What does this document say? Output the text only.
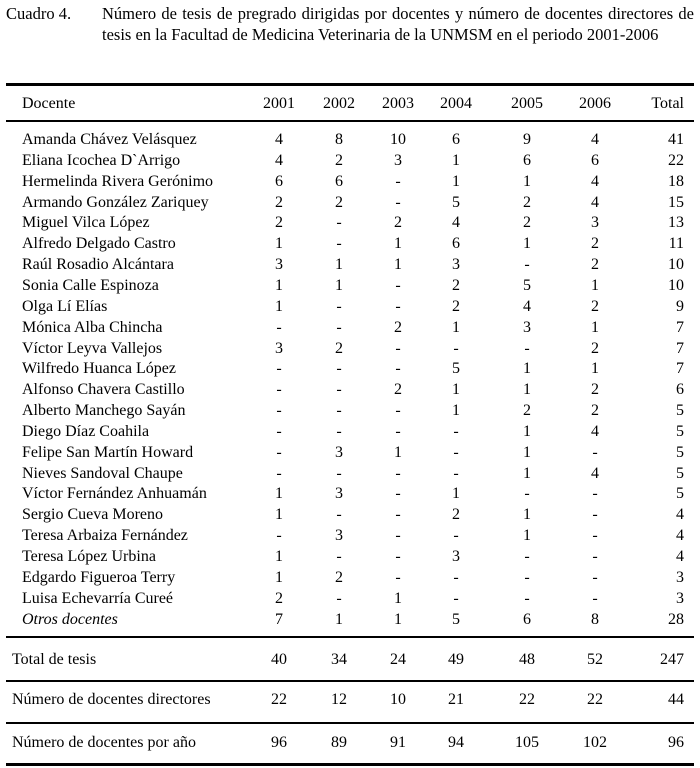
Cuadro 4. Número de tesis de pregrado dirigidas por docentes y número de docentes directores de tesis en la Facultad de Medicina Veterinaria de la UNMSM en el periodo 2001-2006
Docente	2001	2002	2003	2004	2005	2006	Total
Amanda Chávez Velásquez	4	8	10	6	9	4	41
Eliana Icochea D`Arrigo	4	2	3	1	6	6	22
Hermelinda Rivera Gerónimo	6	6	-	1	1	4	18
Armando González Zariquey	2	2	-	5	2	4	15
Miguel Vilca López	2	-	2	4	2	3	13
Alfredo Delgado Castro	1	-	1	6	1	2	11
Raúl Rosadio Alcántara	3	1	1	3	-	2	10
Sonia Calle Espinoza	1	1	-	2	5	1	10
Olga Lí Elías	1	-	-	2	4	2	9
Mónica Alba Chincha	-	-	2	1	3	1	7
Víctor Leyva Vallejos	3	2	-	-	-	2	7
Wilfredo Huanca López	-	-	-	5	1	1	7
Alfonso Chavera Castillo	-	-	2	1	1	2	6
Alberto Manchego Sayán	-	-	-	1	2	2	5
Diego Díaz Coahila	-	-	-	-	1	4	5
Felipe San Martín Howard	-	3	1	-	1	-	5
Nieves Sandoval Chaupe	-	-	-	-	1	4	5
Víctor Fernández Anhuamán	1	3	-	1	-	-	5
Sergio Cueva Moreno	1	-	-	2	1	-	4
Teresa Arbaiza Fernández	-	3	-	-	1	-	4
Teresa López Urbina	1	-	-	3	-	-	4
Edgardo Figueroa Terry	1	2	-	-	-	-	3
Luisa Echevarría Cureé	2	-	1	-	-	-	3
Otros docentes	7	1	1	5	6	8	28
Total de tesis	40	34	24	49	48	52	247
Número de docentes directores	22	12	10	21	22	22	44
Número de docentes por año	96	89	91	94	105	102	96
